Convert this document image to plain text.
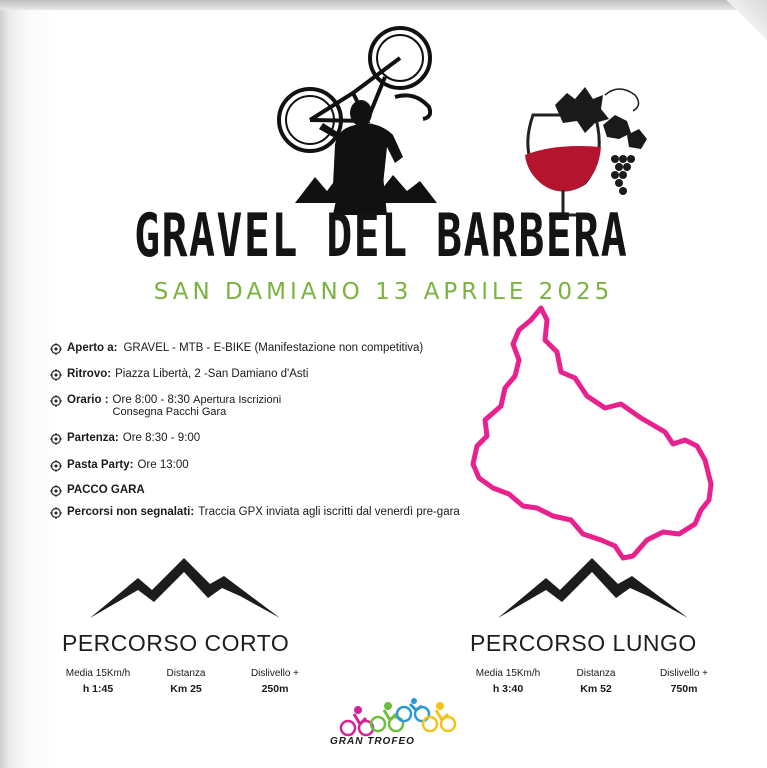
GRAVEL DEL BARBERA
SAN DAMIANO 13 APRILE 2025
Aperto a: GRAVEL - MTB - E-BIKE (Manifestazione non competitiva)
Ritrovo: Piazza Libertà, 2 -San Damiano d'Asti
Orario : Ore 8:00 - 8:30 Apertura Iscrizioni
Consegna Pacchi Gara
Partenza: Ore 8:30 - 9:00
Pasta Party: Ore 13:00
PACCO GARA
Percorsi non segnalati: Traccia GPX inviata agli iscritti dal venerdì pre-gara
PERCORSO CORTO
Media 15Km/h
h 1:45
Distanza
Km 25
Dislivello +
250m
PERCORSO LUNGO
Media 15Km/h
h 3:40
Distanza
Km 52
Dislivello +
750m
GRAN TROFEO
